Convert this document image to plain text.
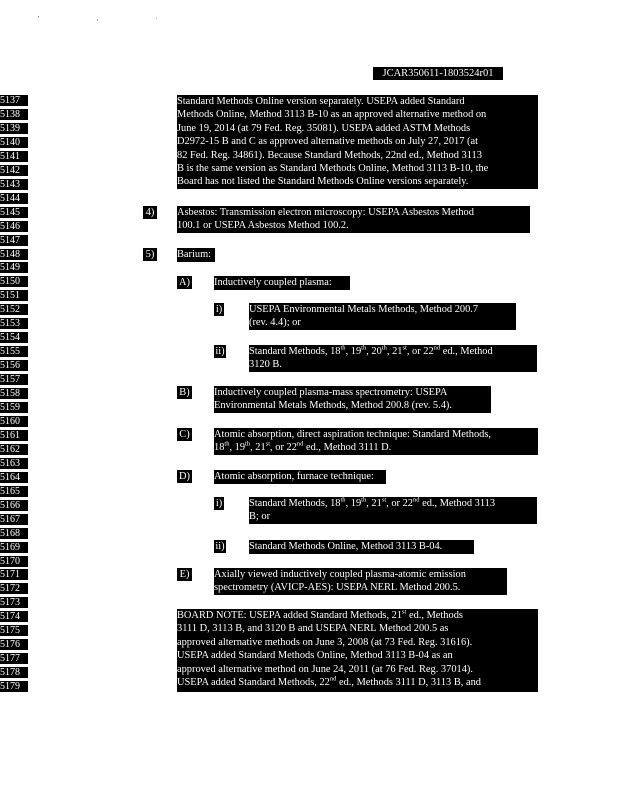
' , ·
JCAR350611-1803524r01
5137
5138
5139
5140
5141
5142
5143
5144
5145
5146
5147
5148
5149
5150
5151
5152
5153
5154
5155
5156
5157
5158
5159
5160
5161
5162
5163
5164
5165
5166
5167
5168
5169
5170
5171
5172
5173
5174
5175
5176
5177
5178
5179

Standard Methods Online version separately. USEPA added Standard

Methods Online, Method 3113 B-10 as an approved alternative method on

June 19, 2014 (at 79 Fed. Reg. 35081). USEPA added ASTM Methods

D2972-15 B and C as approved alternative methods on July 27, 2017 (at

82 Fed. Reg. 34861). Because Standard Methods, 22nd ed., Method 3113

B is the same version as Standard Methods Online, Method 3113 B-10, the

Board has not listed the Standard Methods Online versions separately.

4) Asbestos: Transmission electron microscopy: USEPA Asbestos Method

100.1 or USEPA Asbestos Method 100.2.

5) Barium:
A) Inductively coupled plasma:
i)	USEPA Environmental Metals Methods, Method 200.7

(rev. 4.4); or

ii) Standard Methods, 18th, 19th, 20th, 21st, or 22nd ed., Method

3120 B.

B) Inductively coupled plasma-mass spectrometry: USEPA

Environmental Metals Methods, Method 200.8 (rev. 5.4).

C) Atomic absorption, direct aspiration technique: Standard Methods,

18th, 19th, 21st, or 22nd ed., Method 3111 D.

D) Atomic absorption, furnace technique:
i)	Standard Methods, 18th, 19th, 21st, or 22nd ed., Method 3113

B; or

ii) Standard Methods Online, Method 3113 B-04.
E) Axially viewed inductively coupled plasma-atomic emission

spectrometry (AVICP-AES): USEPA NERL Method 200.5.

BOARD NOTE: USEPA added Standard Methods, 21st ed., Methods

3111 D, 3113 B, and 3120 B and USEPA NERL Method 200.5 as

approved alternative methods on June 3, 2008 (at 73 Fed. Reg. 31616).

USEPA added Standard Methods Online, Method 3113 B-04 as an

approved alternative method on June 24, 2011 (at 76 Fed. Reg. 37014).

USEPA added Standard Methods, 22nd ed., Methods 3111 D, 3113 B, and
